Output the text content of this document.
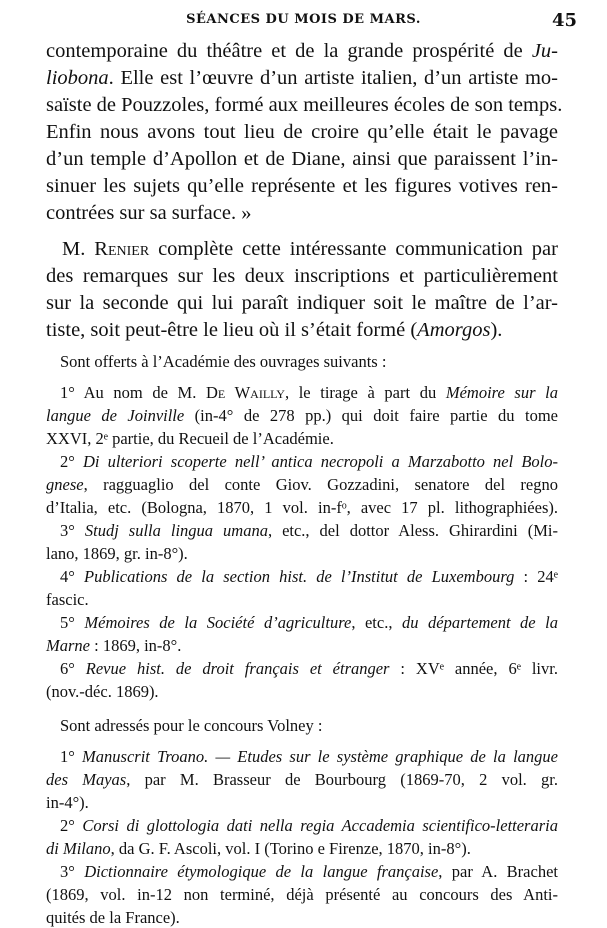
SÉANCES DU MOIS DE MARS.	45
contemporaine du théâtre et de la grande prospérité de Ju-
liobona. Elle est l’œuvre d’un artiste italien, d’un artiste mo-
saïste de Pouzzoles, formé aux meilleures écoles de son temps.
Enfin nous avons tout lieu de croire qu’elle était le pavage
d’un temple d’Apollon et de Diane, ainsi que paraissent l’in-
sinuer les sujets qu’elle représente et les figures votives ren-
contrées sur sa surface. »
M. Renier complète cette intéressante communication par
des remarques sur les deux inscriptions et particulièrement
sur la seconde qui lui paraît indiquer soit le maître de l’ar-
tiste, soit peut-être le lieu où il s’était formé (Amorgos).
Sont offerts à l’Académie des ouvrages suivants :
1° Au nom de M. De Wailly, le tirage à part du Mémoire sur la
langue de Joinville (in-4° de 278 pp.) qui doit faire partie du tome
XXVI, 2ᵉ partie, du Recueil de l’Académie.
2° Di ulteriori scoperte nell’ antica necropoli a Marzabotto nel Bolo-
gnese, ragguaglio del conte Giov. Gozzadini, senatore del regno
d’Italia, etc. (Bologna, 1870, 1 vol. in-fᵒ, avec 17 pl. lithographiées).
3° Studj sulla lingua umana, etc., del dottor Aless. Ghirardini (Mi-
lano, 1869, gr. in-8°).
4° Publications de la section hist. de l’Institut de Luxembourg : 24ᵉ
fascic.
5° Mémoires de la Société d’agriculture, etc., du département de la
Marne : 1869, in-8°.
6° Revue hist. de droit français et étranger : XVᵉ année, 6ᵉ livr.
(nov.-déc. 1869).
Sont adressés pour le concours Volney :
1° Manuscrit Troano. — Etudes sur le système graphique de la langue
des Mayas, par M. Brasseur de Bourbourg (1869-70, 2 vol. gr.
in-4°).
2° Corsi di glottologia dati nella regia Accademia scientifico-letteraria
di Milano, da G. F. Ascoli, vol. I (Torino e Firenze, 1870, in-8°).
3° Dictionnaire étymologique de la langue française, par A. Brachet
(1869, vol. in-12 non terminé, déjà présenté au concours des Anti-
quités de la France).
